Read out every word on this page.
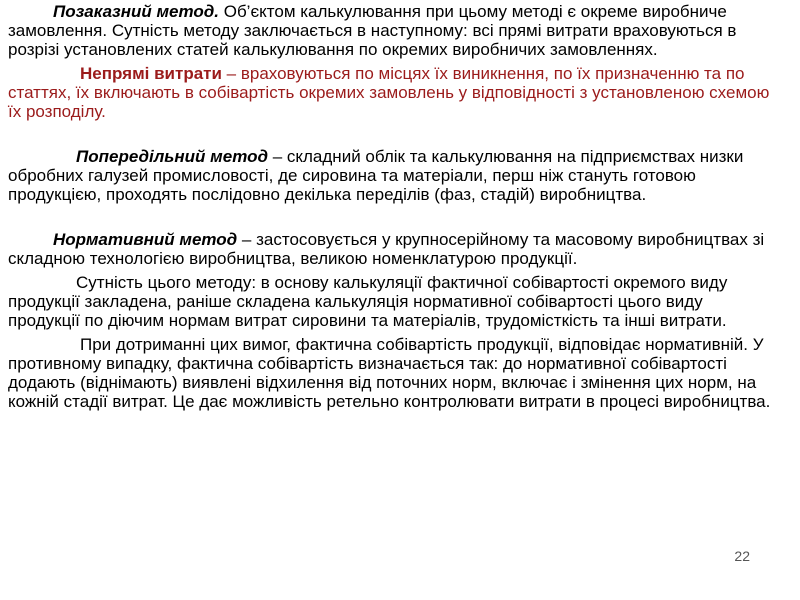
Позаказний метод. Об’єктом калькулювання при цьому методі є окреме виробниче замовлення. Сутність методу заключається в наступному: всі прямі витрати враховуються в розрізі установлених статей калькулювання по окремих виробничих замовленнях.

Непрямі витрати – враховуються по місцях їх виникнення, по їх призначенню та по статтях, їх включають в собівартість окремих замовлень у відповідності з установленою схемою їх розподілу.

Попередільний метод – складний облік та калькулювання на підприємствах низки обробних галузей промисловості, де сировина та матеріали, перш ніж стануть готовою продукцією, проходять послідовно декілька переділів (фаз, стадій) виробництва.

Нормативний метод – застосовується у крупносерійному та масовому виробництвах зі складною технологією виробництва, великою номенклатурою продукції.

Сутність цього методу: в основу калькуляції фактичної собівартості окремого виду продукції закладена, раніше складена калькуляція нормативної собівартості цього виду продукції по діючим нормам витрат сировини та матеріалів, трудомісткість та інші витрати.

При дотриманні цих вимог, фактична собівартість продукції, відповідає нормативній. У противному випадку, фактична собівартість визначається так: до нормативної собівартості додають (віднімають) виявлені відхилення від поточних норм, включає і змінення цих норм, на кожній стадії витрат. Це дає можливість ретельно контролювати витрати в процесі виробництва.

22
